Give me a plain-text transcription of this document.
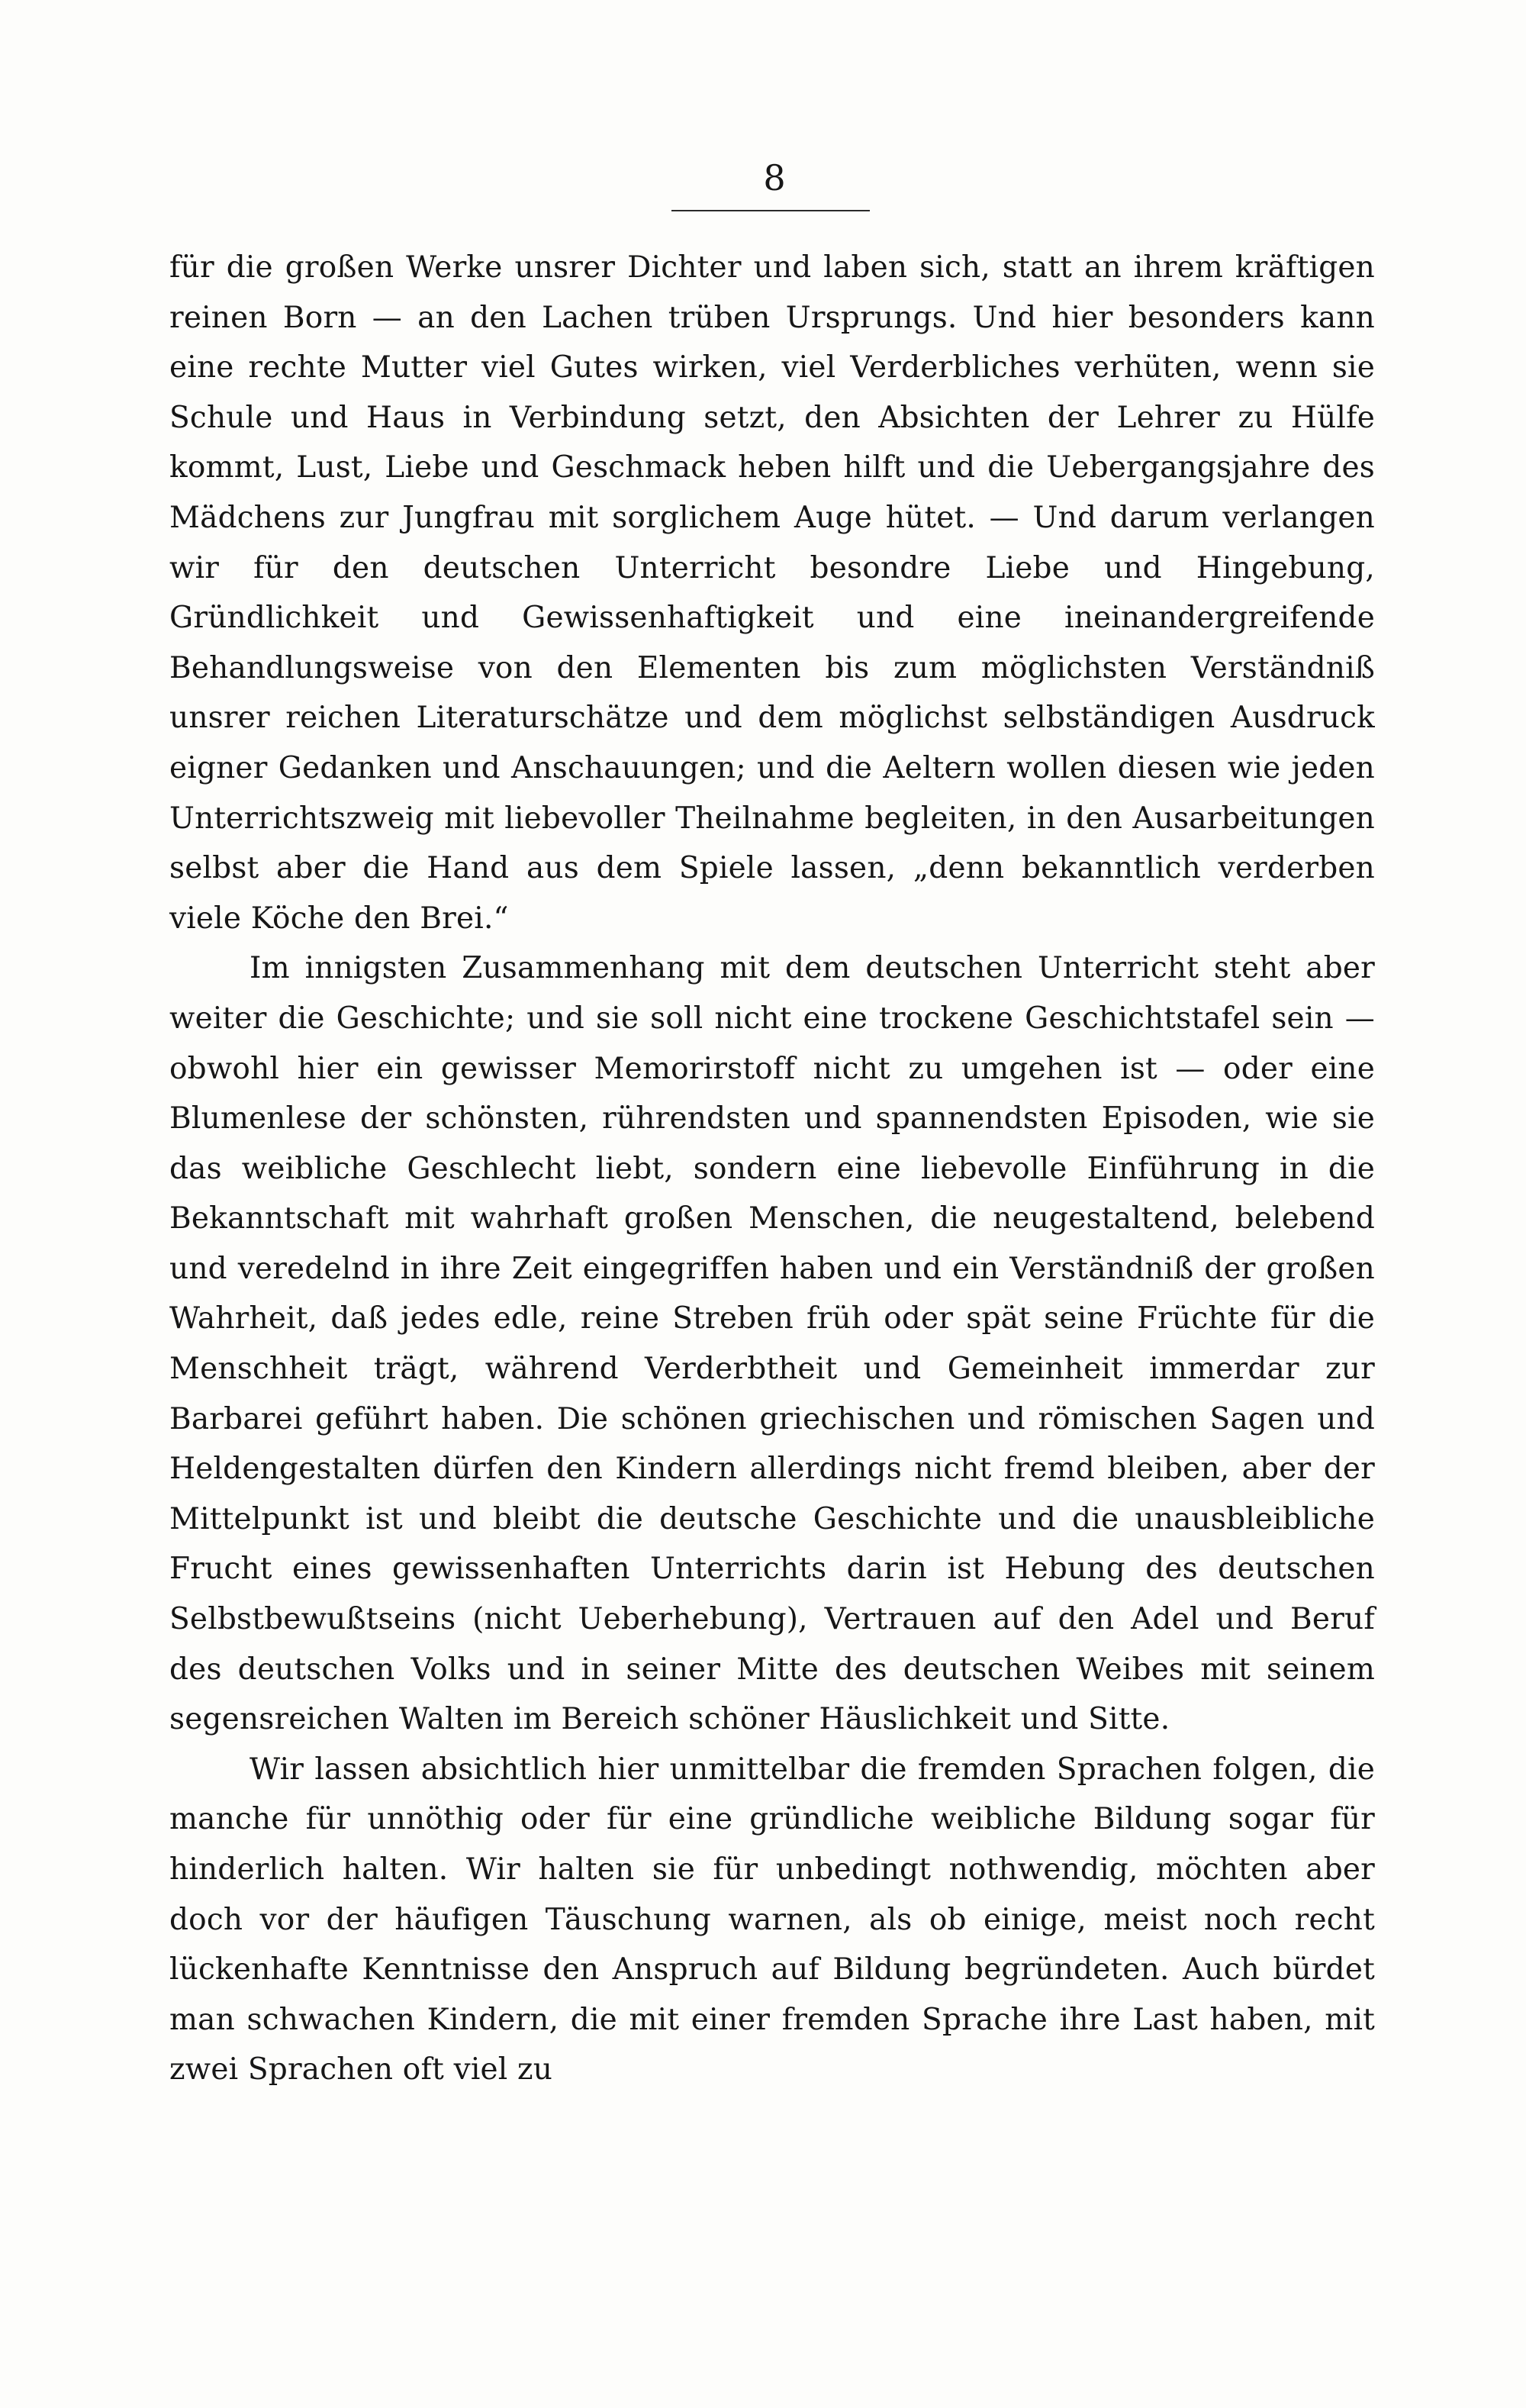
8

für die großen Werke unsrer Dichter und laben sich, statt an ihrem kräftigen reinen Born — an den Lachen trüben Ursprungs. Und hier besonders kann eine rechte Mutter viel Gutes wirken, viel Verderbliches verhüten, wenn sie Schule und Haus in Verbindung setzt, den Absichten der Lehrer zu Hülfe kommt, Lust, Liebe und Geschmack heben hilft und die Uebergangsjahre des Mädchens zur Jungfrau mit sorglichem Auge hütet. — Und darum verlangen wir für den deutschen Unterricht besondre Liebe und Hingebung, Gründlichkeit und Gewissenhaftigkeit und eine ineinandergreifende Behandlungsweise von den Elementen bis zum möglichsten Verständniß unsrer reichen Literaturschätze und dem möglichst selbständigen Ausdruck eigner Gedanken und Anschauungen; und die Aeltern wollen diesen wie jeden Unterrichtszweig mit liebevoller Theilnahme begleiten, in den Ausarbeitungen selbst aber die Hand aus dem Spiele lassen, „denn bekanntlich verderben viele Köche den Brei.“

Im innigsten Zusammenhang mit dem deutschen Unterricht steht aber weiter die Geschichte; und sie soll nicht eine trockene Geschichtstafel sein — obwohl hier ein gewisser Memorirstoff nicht zu umgehen ist — oder eine Blumenlese der schönsten, rührendsten und spannendsten Episoden, wie sie das weibliche Geschlecht liebt, sondern eine liebevolle Einführung in die Bekanntschaft mit wahrhaft großen Menschen, die neugestaltend, belebend und veredelnd in ihre Zeit eingegriffen haben und ein Verständniß der großen Wahrheit, daß jedes edle, reine Streben früh oder spät seine Früchte für die Menschheit trägt, während Verderbtheit und Gemeinheit immerdar zur Barbarei geführt haben. Die schönen griechischen und römischen Sagen und Heldengestalten dürfen den Kindern allerdings nicht fremd bleiben, aber der Mittelpunkt ist und bleibt die deutsche Geschichte und die unausbleibliche Frucht eines gewissenhaften Unterrichts darin ist Hebung des deutschen Selbstbewußtseins (nicht Ueberhebung), Vertrauen auf den Adel und Beruf des deutschen Volks und in seiner Mitte des deutschen Weibes mit seinem segensreichen Walten im Bereich schöner Häuslichkeit und Sitte.

Wir lassen absichtlich hier unmittelbar die fremden Sprachen folgen, die manche für unnöthig oder für eine gründliche weibliche Bildung sogar für hinderlich halten. Wir halten sie für unbedingt nothwendig, möchten aber doch vor der häufigen Täuschung warnen, als ob einige, meist noch recht lückenhafte Kenntnisse den Anspruch auf Bildung begründeten. Auch bürdet man schwachen Kindern, die mit einer fremden Sprache ihre Last haben, mit zwei Sprachen oft viel zu
